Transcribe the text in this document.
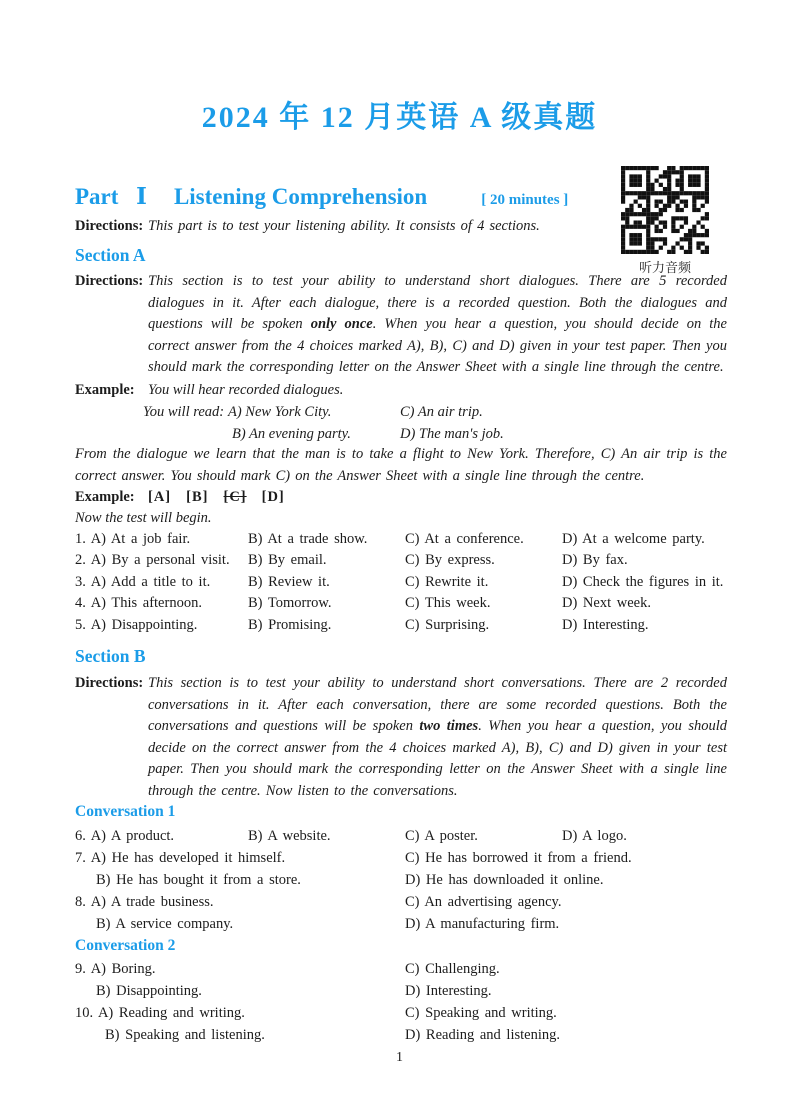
2024 年 12 月英语 A 级真题
Part Ⅰ Listening Comprehension	[ 20 minutes ]
听力音频
Directions: This part is to test your listening ability. It consists of 4 sections.
Section A
Directions: This section is to test your ability to understand short dialogues. There are 5 recorded dialogues in it. After each dialogue, there is a recorded question. Both the dialogues and questions will be spoken only once. When you hear a question, you should decide on the correct answer from the 4 choices marked A), B), C) and D) given in your test paper. Then you should mark the corresponding letter on the Answer Sheet with a single line through the centre.
Example: You will hear recorded dialogues.
You will read: A) New York City.	C) An air trip.
B) An evening party.	D) The man's job.
From the dialogue we learn that the man is to take a flight to New York. Therefore, C) An air trip is the correct answer. You should mark C) on the Answer Sheet with a single line through the centre.
Example: [A] [B] [C] [D]
Now the test will begin.
1. A) At a job fair.	B) At a trade show.	C) At a conference.	D) At a welcome party.
2. A) By a personal visit.	B) By email.	C) By express.	D) By fax.
3. A) Add a title to it.	B) Review it.	C) Rewrite it.	D) Check the figures in it.
4. A) This afternoon.	B) Tomorrow.	C) This week.	D) Next week.
5. A) Disappointing.	B) Promising.	C) Surprising.	D) Interesting.
Section B
Directions: This section is to test your ability to understand short conversations. There are 2 recorded conversations in it. After each conversation, there are some recorded questions. Both the conversations and questions will be spoken two times. When you hear a question, you should decide on the correct answer from the 4 choices marked A), B), C) and D) given in your test paper. Then you should mark the corresponding letter on the Answer Sheet with a single line through the centre. Now listen to the conversations.
Conversation 1
6. A) A product.	B) A website.	C) A poster.	D) A logo.
7. A) He has developed it himself.	C) He has borrowed it from a friend.
B) He has bought it from a store.	D) He has downloaded it online.
8. A) A trade business.	C) An advertising agency.
B) A service company.	D) A manufacturing firm.
Conversation 2
9. A) Boring.	C) Challenging.
B) Disappointing.	D) Interesting.
10. A) Reading and writing.	C) Speaking and writing.
B) Speaking and listening.	D) Reading and listening.
1
